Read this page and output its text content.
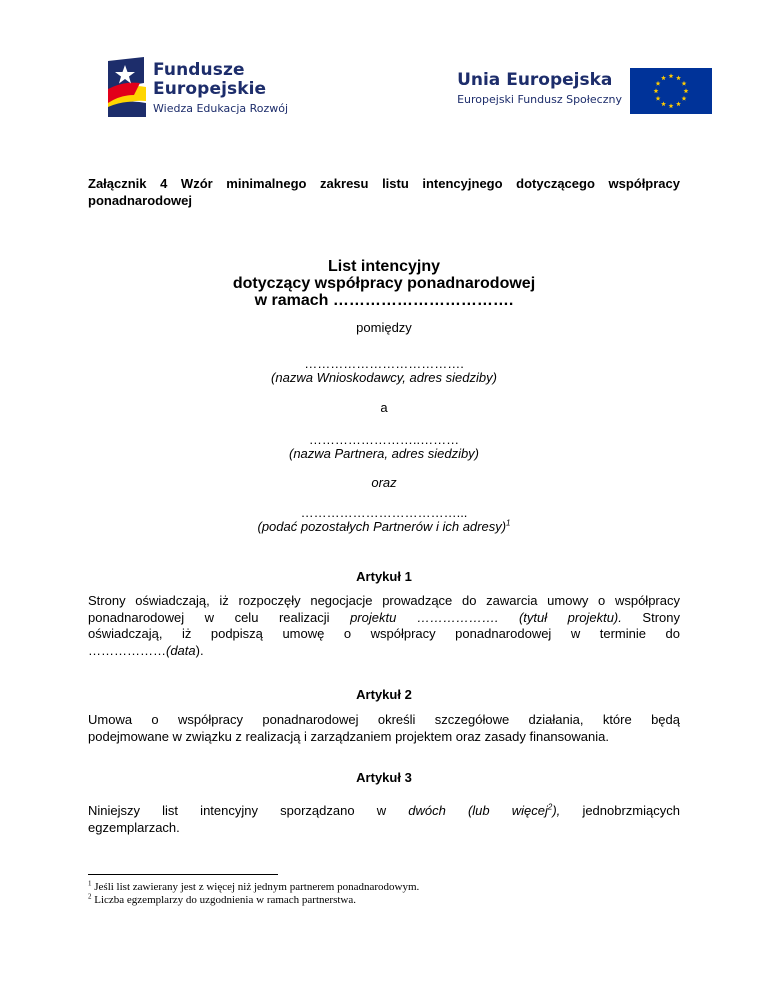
Fundusze
Europejskie
Wiedza Edukacja Rozwój
Unia Europejska
Europejski Fundusz Społeczny
Załącznik 4 Wzór minimalnego zakresu listu intencyjnego dotyczącego współpracy ponadnarodowej
List intencyjny
dotyczący współpracy ponadnarodowej
w ramach …………………………….
pomiędzy
……………………………….
(nazwa Wnioskodawcy, adres siedziby)
a
……………………..………
(nazwa Partnera, adres siedziby)
oraz
………………………………...
(podać pozostałych Partnerów i ich adresy)$^1$
Artykuł 1
Strony oświadczają, iż rozpoczęły negocjacje prowadzące do zawarcia umowy o współpracy
ponadnarodowej w celu realizacji projektu ………………. (tytuł projektu). Strony
oświadczają, iż podpiszą umowę o współpracy ponadnarodowej w terminie do
………………(data).
Artykuł 2
Umowa o współpracy ponadnarodowej określi szczegółowe działania, które będą
podejmowane w związku z realizacją i zarządzaniem projektem oraz zasady finansowania.
Artykuł 3
Niniejszy list intencyjny sporządzano w dwóch (lub więcej$^2$), jednobrzmiących
egzemplarzach.
$^1$ Jeśli list zawierany jest z więcej niż jednym partnerem ponadnarodowym.
$^2$ Liczba egzemplarzy do uzgodnienia w ramach partnerstwa.
